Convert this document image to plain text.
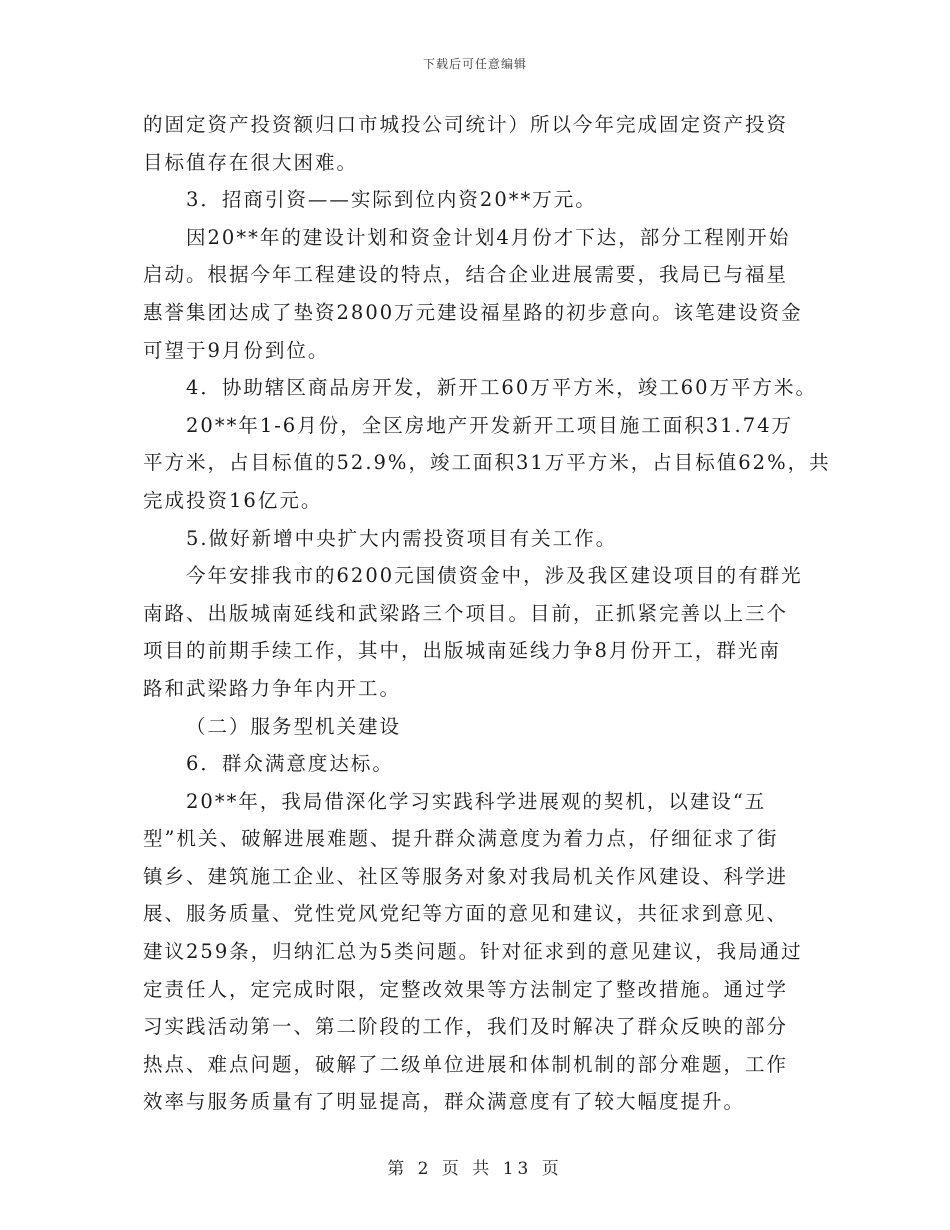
下载后可任意编辑
的固定资产投资额归口市城投公司统计）所以今年完成固定资产投资
目标值存在很大困难。
3．招商引资——实际到位内资20**万元。
因20**年的建设计划和资金计划4月份才下达，部分工程刚开始
启动。根据今年工程建设的特点，结合企业进展需要，我局已与福星
惠誉集团达成了垫资2800万元建设福星路的初步意向。该笔建设资金
可望于9月份到位。
4．协助辖区商品房开发，新开工60万平方米，竣工60万平方米。
20**年1-6月份，全区房地产开发新开工项目施工面积31.74万
平方米，占目标值的52.9%，竣工面积31万平方米，占目标值62%，共
完成投资16亿元。
5.做好新增中央扩大内需投资项目有关工作。
今年安排我市的6200元国债资金中，涉及我区建设项目的有群光
南路、出版城南延线和武梁路三个项目。目前，正抓紧完善以上三个
项目的前期手续工作，其中，出版城南延线力争8月份开工，群光南
路和武梁路力争年内开工。
（二）服务型机关建设
6．群众满意度达标。
20**年，我局借深化学习实践科学进展观的契机，以建设“五
型”机关、破解进展难题、提升群众满意度为着力点，仔细征求了街
镇乡、建筑施工企业、社区等服务对象对我局机关作风建设、科学进
展、服务质量、党性党风党纪等方面的意见和建议，共征求到意见、
建议259条，归纳汇总为5类问题。针对征求到的意见建议，我局通过
定责任人，定完成时限，定整改效果等方法制定了整改措施。通过学
习实践活动第一、第二阶段的工作，我们及时解决了群众反映的部分
热点、难点问题，破解了二级单位进展和体制机制的部分难题，工作
效率与服务质量有了明显提高，群众满意度有了较大幅度提升。
第 2 页 共 13 页
